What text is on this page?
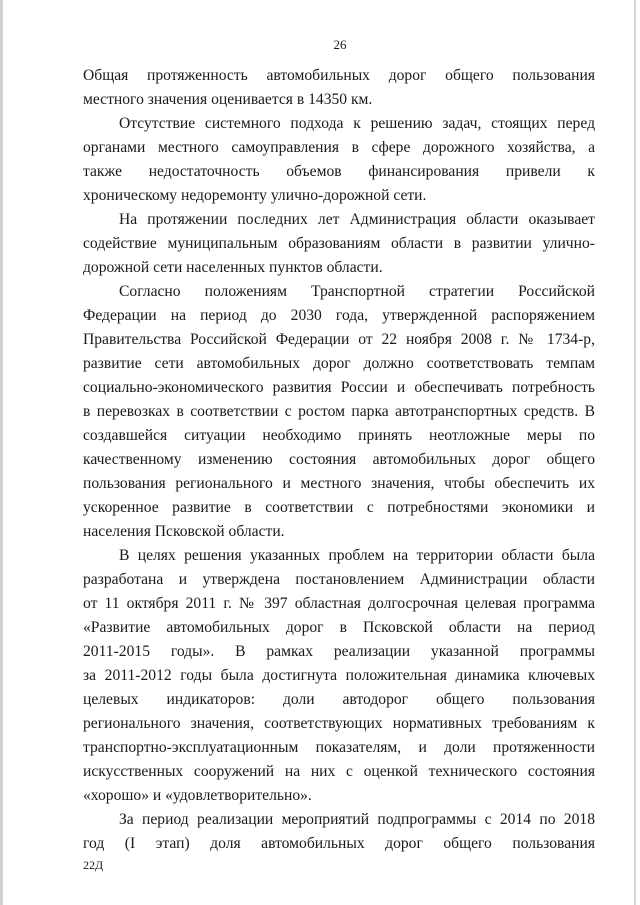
26
Общая протяженность автомобильных дорог общего пользования
местного значения оценивается в 14350 км.
Отсутствие системного подхода к решению задач, стоящих перед
органами местного самоуправления в сфере дорожного хозяйства, а
также недостаточность объемов финансирования привели к
хроническому недоремонту улично-дорожной сети.
На протяжении последних лет Администрация области оказывает
содействие муниципальным образованиям области в развитии улично-
дорожной сети населенных пунктов области.
Согласно положениям Транспортной стратегии Российской
Федерации на период до 2030 года, утвержденной распоряжением
Правительства Российской Федерации от 22 ноября 2008 г. № 1734-р,
развитие сети автомобильных дорог должно соответствовать темпам
социально-экономического развития России и обеспечивать потребность
в перевозках в соответствии с ростом парка автотранспортных средств. В
создавшейся ситуации необходимо принять неотложные меры по
качественному изменению состояния автомобильных дорог общего
пользования регионального и местного значения, чтобы обеспечить их
ускоренное развитие в соответствии с потребностями экономики и
населения Псковской области.
В целях решения указанных проблем на территории области была
разработана и утверждена постановлением Администрации области
от 11 октября 2011 г. № 397 областная долгосрочная целевая программа
«Развитие автомобильных дорог в Псковской области на период
2011-2015 годы». В рамках реализации указанной программы
за 2011-2012 годы была достигнута положительная динамика ключевых
целевых индикаторов: доли автодорог общего пользования
регионального значения, соответствующих нормативных требованиям к
транспортно-эксплуатационным показателям, и доли протяженности
искусственных сооружений на них с оценкой технического состояния
«хорошо» и «удовлетворительно».
За период реализации мероприятий подпрограммы с 2014 по 2018
год (I этап) доля автомобильных дорог общего пользования
22Д
